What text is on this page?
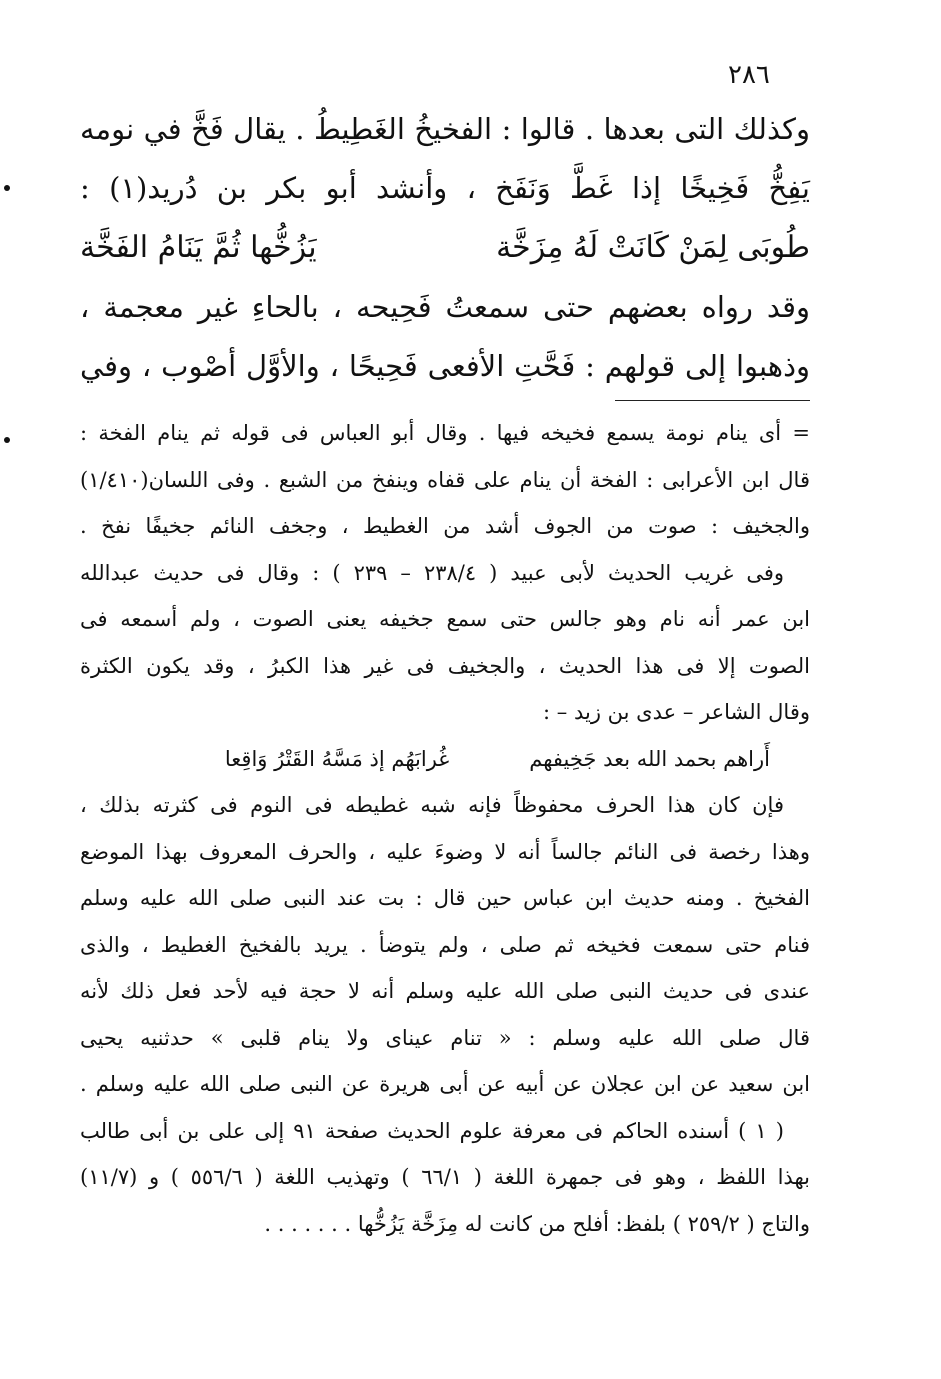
٢٨٦

وكذلك التى بعدها . قالوا : الفخيخُ الغَطِيطُ . يقال فَخَّ في نومه

يَفِخُّ فَخِيخًا إذا غَطَّ وَنَفَخ ، وأنشد أبو بكر بن دُريد(١) :

طُوبَى لِمَنْ كَانَتْ لَهُ مِزَخَّة
يَزُخُّها ثُمَّ يَنَامُ الفَخَّة

وقد رواه بعضهم حتى سمعتُ فَحِيحه ، بالحاءِ غير معجمة ،

وذهبوا إلى قولهم : فَحَّتِ الأفعى فَحِيحًا ، والأوَّل أصْوب ، وفي

= أى ينام نومة يسمع فخيخه فيها . وقال أبو العباس فى قوله ثم ينام الفخة :
قال ابن الأعرابى : الفخة أن ينام على قفاه وينفخ من الشبع . وفى اللسان(١/٤١٠)
والجخيف : صوت من الجوف أشد من الغطيط ، وجخف النائم جخيفًا نفخ .
وفى غريب الحديث لأبى عبيد ( ٢٣٨/٤ – ٢٣٩ ) : وقال فى حديث عبدالله
ابن عمر أنه نام وهو جالس حتى سمع جخيفه يعنى الصوت ، ولم أسمعه فى
الصوت إلا فى هذا الحديث ، والجخيف فى غير هذا الكبرُ ، وقد يكون الكثرة
وقال الشاعر – عدى بن زيد – :
أَراهم بحمد الله بعد جَخِيفهم
غُرابَهُم إذ مَسَّهُ القَتْرُ وَاقِعا
فإن كان هذا الحرف محفوظاً فإنه شبه غطيطه فى النوم فى كثرته بذلك ،
وهذا رخصة فى النائم جالساً أنه لا وضوءَ عليه ، والحرف المعروف بهذا الموضع
الفخيخ . ومنه حديث ابن عباس حين قال : بت عند النبى صلى الله عليه وسلم
فنام حتى سمعت فخيخه ثم صلى ، ولم يتوضأ . يريد بالفخيخ الغطيط ، والذى
عندى فى حديث النبى صلى الله عليه وسلم أنه لا حجة فيه لأحد فعل ذلك لأنه
قال صلى الله عليه وسلم : « تنام عيناى ولا ينام قلبى » حدثنيه يحيى
ابن سعيد عن ابن عجلان عن أبيه عن أبى هريرة عن النبى صلى الله عليه وسلم .
( ١ ) أسنده الحاكم فى معرفة علوم الحديث صفحة ٩١ إلى على بن أبى طالب
بهذا اللفظ ، وهو فى جمهرة اللغة ( ٦٦/١ ) وتهذيب اللغة ( ٥٥٦/٦ ) و (١١/٧)
والتاج ( ٢٥٩/٢ ) بلفظ: أفلح من كانت له مِزَخَّة يَزُخُّها . . . . . . .
